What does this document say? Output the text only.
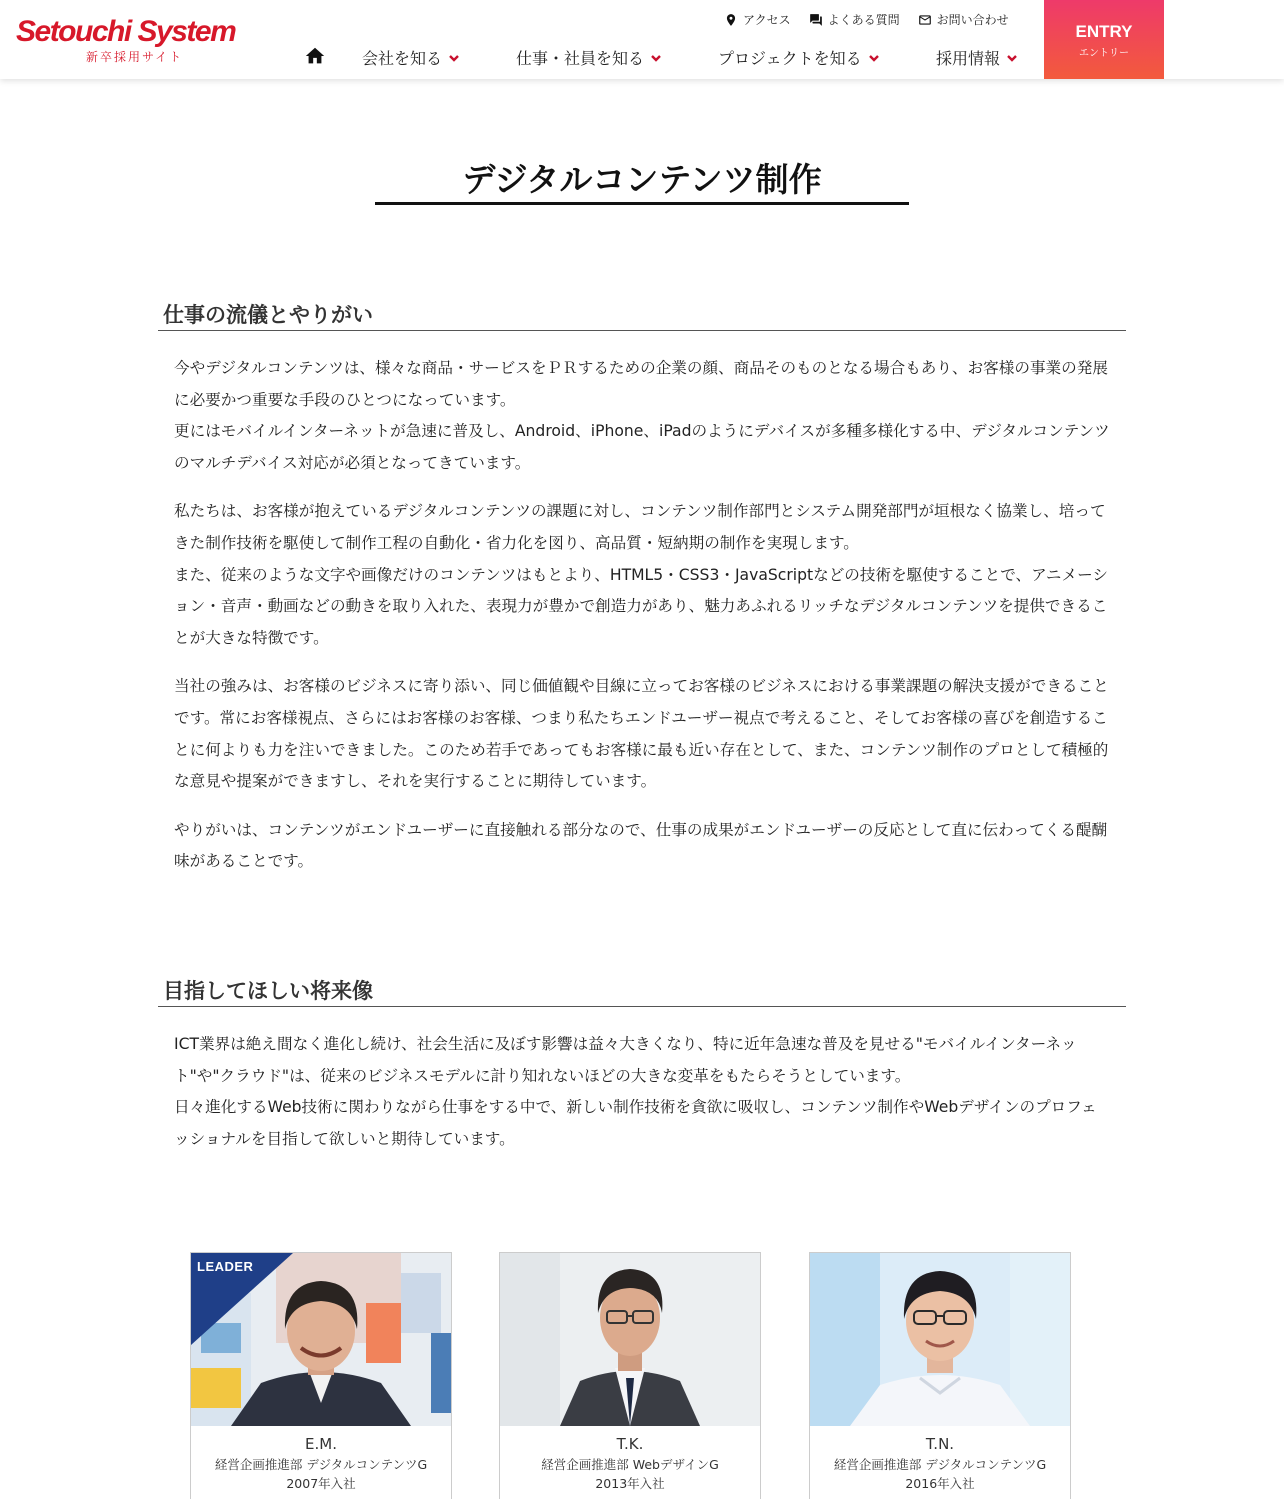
Setouchi System
新卒採用サイト
アクセス	よくある質問	お問い合わせ
会社を知る	仕事・社員を知る	プロジェクトを知る	採用情報
ENTRY
エントリー
デジタルコンテンツ制作
仕事の流儀とやりがい

今やデジタルコンテンツは、様々な商品・サービスをＰＲするための企業の顔、商品そのものとなる場合もあり、お客様の事業の発展に必要かつ重要な手段のひとつになっています。
更にはモバイルインターネットが急速に普及し、Android、iPhone、iPadのようにデバイスが多種多様化する中、デジタルコンテンツのマルチデバイス対応が必須となってきています。

私たちは、お客様が抱えているデジタルコンテンツの課題に対し、コンテンツ制作部門とシステム開発部門が垣根なく協業し、培ってきた制作技術を駆使して制作工程の自動化・省力化を図り、高品質・短納期の制作を実現します。
また、従来のような文字や画像だけのコンテンツはもとより、HTML5・CSS3・JavaScriptなどの技術を駆使することで、アニメーション・音声・動画などの動きを取り入れた、表現力が豊かで創造力があり、魅力あふれるリッチなデジタルコンテンツを提供できることが大きな特徴です。

当社の強みは、お客様のビジネスに寄り添い、同じ価値観や目線に立ってお客様のビジネスにおける事業課題の解決支援ができることです。常にお客様視点、さらにはお客様のお客様、つまり私たちエンドユーザー視点で考えること、そしてお客様の喜びを創造することに何よりも力を注いできました。このため若手であってもお客様に最も近い存在として、また、コンテンツ制作のプロとして積極的な意見や提案ができますし、それを実行することに期待しています。

やりがいは、コンテンツがエンドユーザーに直接触れる部分なので、仕事の成果がエンドユーザーの反応として直に伝わってくる醍醐味があることです。

目指してほしい将来像

ICT業界は絶え間なく進化し続け、社会生活に及ぼす影響は益々大きくなり、特に近年急速な普及を見せる"モバイルインターネット"や"クラウド"は、従来のビジネスモデルに計り知れないほどの大きな変革をもたらそうとしています。
日々進化するWeb技術に関わりながら仕事をする中で、新しい制作技術を貪欲に吸収し、コンテンツ制作やWebデザインのプロフェッショナルを目指して欲しいと期待しています。

LEADER
E.M.
経営企画推進部 デジタルコンテンツG
2007年入社
T.K.
経営企画推進部 WebデザインG
2013年入社
T.N.
経営企画推進部 デジタルコンテンツG
2016年入社
